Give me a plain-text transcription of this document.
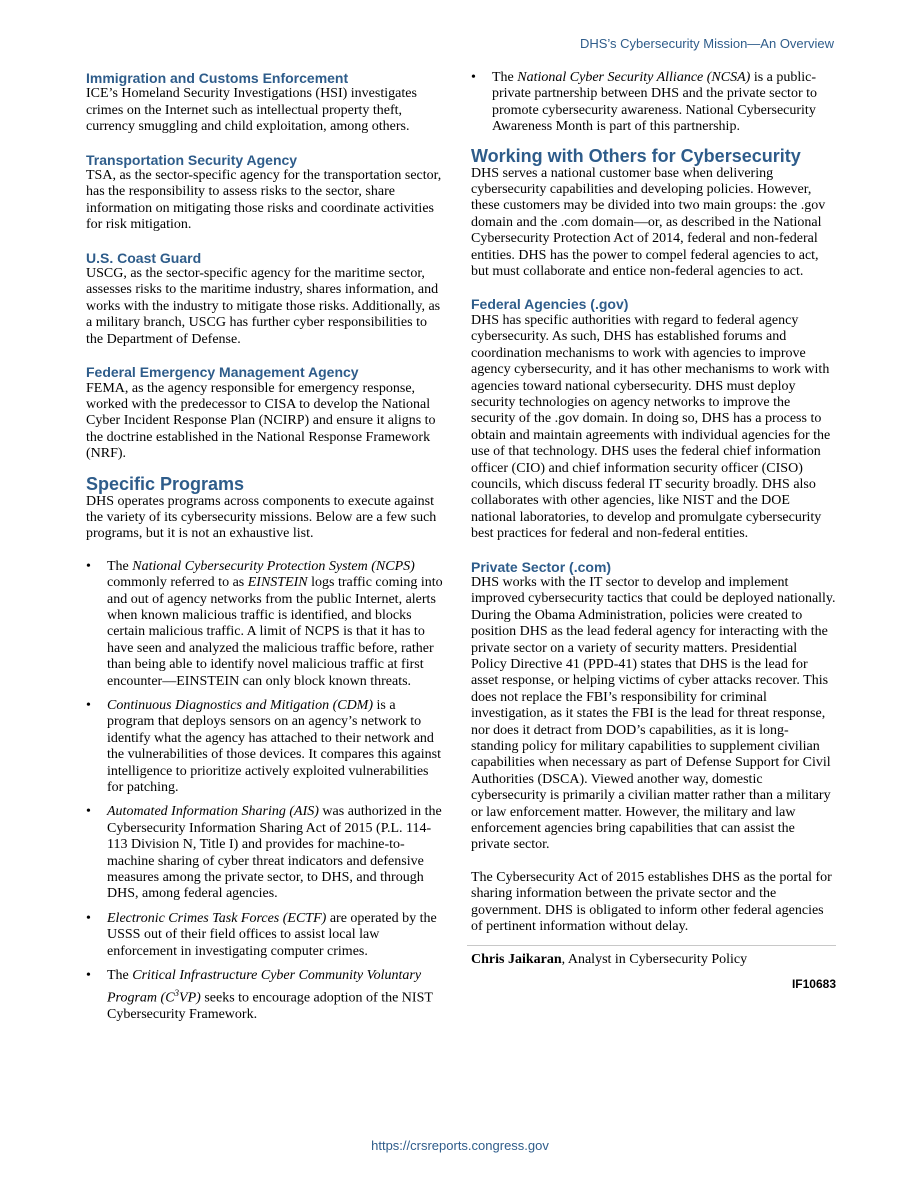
DHS’s Cybersecurity Mission—An Overview
Immigration and Customs Enforcement

ICE’s Homeland Security Investigations (HSI) investigates crimes on the Internet such as intellectual property theft, currency smuggling and child exploitation, among others.

Transportation Security Agency

TSA, as the sector-specific agency for the transportation sector, has the responsibility to assess risks to the sector, share information on mitigating those risks and coordinate activities for risk mitigation.

U.S. Coast Guard

USCG, as the sector-specific agency for the maritime sector, assesses risks to the maritime industry, shares information, and works with the industry to mitigate those risks. Additionally, as a military branch, USCG has further cyber responsibilities to the Department of Defense.

Federal Emergency Management Agency

FEMA, as the agency responsible for emergency response, worked with the predecessor to CISA to develop the National Cyber Incident Response Plan (NCIRP) and ensure it aligns to the doctrine established in the National Response Framework (NRF).

Specific Programs

DHS operates programs across components to execute against the variety of its cybersecurity missions. Below are a few such programs, but it is not an exhaustive list.

• The National Cybersecurity Protection System (NCPS) commonly referred to as EINSTEIN logs traffic coming into and out of agency networks from the public Internet, alerts when known malicious traffic is identified, and blocks certain malicious traffic. A limit of NCPS is that it has to have seen and analyzed the malicious traffic before, rather than being able to identify novel malicious traffic at first encounter—EINSTEIN can only block known threats.
• Continuous Diagnostics and Mitigation (CDM) is a program that deploys sensors on an agency’s network to identify what the agency has attached to their network and the vulnerabilities of those devices. It compares this against intelligence to prioritize actively exploited vulnerabilities for patching.
• Automated Information Sharing (AIS) was authorized in the Cybersecurity Information Sharing Act of 2015 (P.L. 114-113 Division N, Title I) and provides for machine-to-machine sharing of cyber threat indicators and defensive measures among the private sector, to DHS, and through DHS, among federal agencies.
• Electronic Crimes Task Forces (ECTF) are operated by the USSS out of their field offices to assist local law enforcement in investigating computer crimes.
• The Critical Infrastructure Cyber Community Voluntary Program $(C^3VP)$ seeks to encourage adoption of the NIST Cybersecurity Framework.
• The National Cyber Security Alliance (NCSA) is a public-private partnership between DHS and the private sector to promote cybersecurity awareness. National Cybersecurity Awareness Month is part of this partnership.
Working with Others for Cybersecurity

DHS serves a national customer base when delivering cybersecurity capabilities and developing policies. However, these customers may be divided into two main groups: the .gov domain and the .com domain—or, as described in the National Cybersecurity Protection Act of 2014, federal and non-federal entities. DHS has the power to compel federal agencies to act, but must collaborate and entice non-federal agencies to act.

Federal Agencies (.gov)

DHS has specific authorities with regard to federal agency cybersecurity. As such, DHS has established forums and coordination mechanisms to work with agencies to improve agency cybersecurity, and it has other mechanisms to work with agencies toward national cybersecurity. DHS must deploy security technologies on agency networks to improve the security of the .gov domain. In doing so, DHS has a process to obtain and maintain agreements with individual agencies for the use of that technology. DHS uses the federal chief information officer (CIO) and chief information security officer (CISO) councils, which discuss federal IT security broadly. DHS also collaborates with other agencies, like NIST and the DOE national laboratories, to develop and promulgate cybersecurity best practices for federal and non-federal entities.

Private Sector (.com)

DHS works with the IT sector to develop and implement improved cybersecurity tactics that could be deployed nationally. During the Obama Administration, policies were created to position DHS as the lead federal agency for interacting with the private sector on a variety of security matters. Presidential Policy Directive 41 (PPD-41) states that DHS is the lead for asset response, or helping victims of cyber attacks recover. This does not replace the FBI’s responsibility for criminal investigation, as it states the FBI is the lead for threat response, nor does it detract from DOD’s capabilities, as it is long-standing policy for military capabilities to supplement civilian capabilities when necessary as part of Defense Support for Civil Authorities (DSCA). Viewed another way, domestic cybersecurity is primarily a civilian matter rather than a military or law enforcement matter. However, the military and law enforcement agencies bring capabilities that can assist the private sector.

The Cybersecurity Act of 2015 establishes DHS as the portal for sharing information between the private sector and the government. DHS is obligated to inform other federal agencies of pertinent information without delay.

Chris Jaikaran, Analyst in Cybersecurity Policy

IF10683
https://crsreports.congress.gov
